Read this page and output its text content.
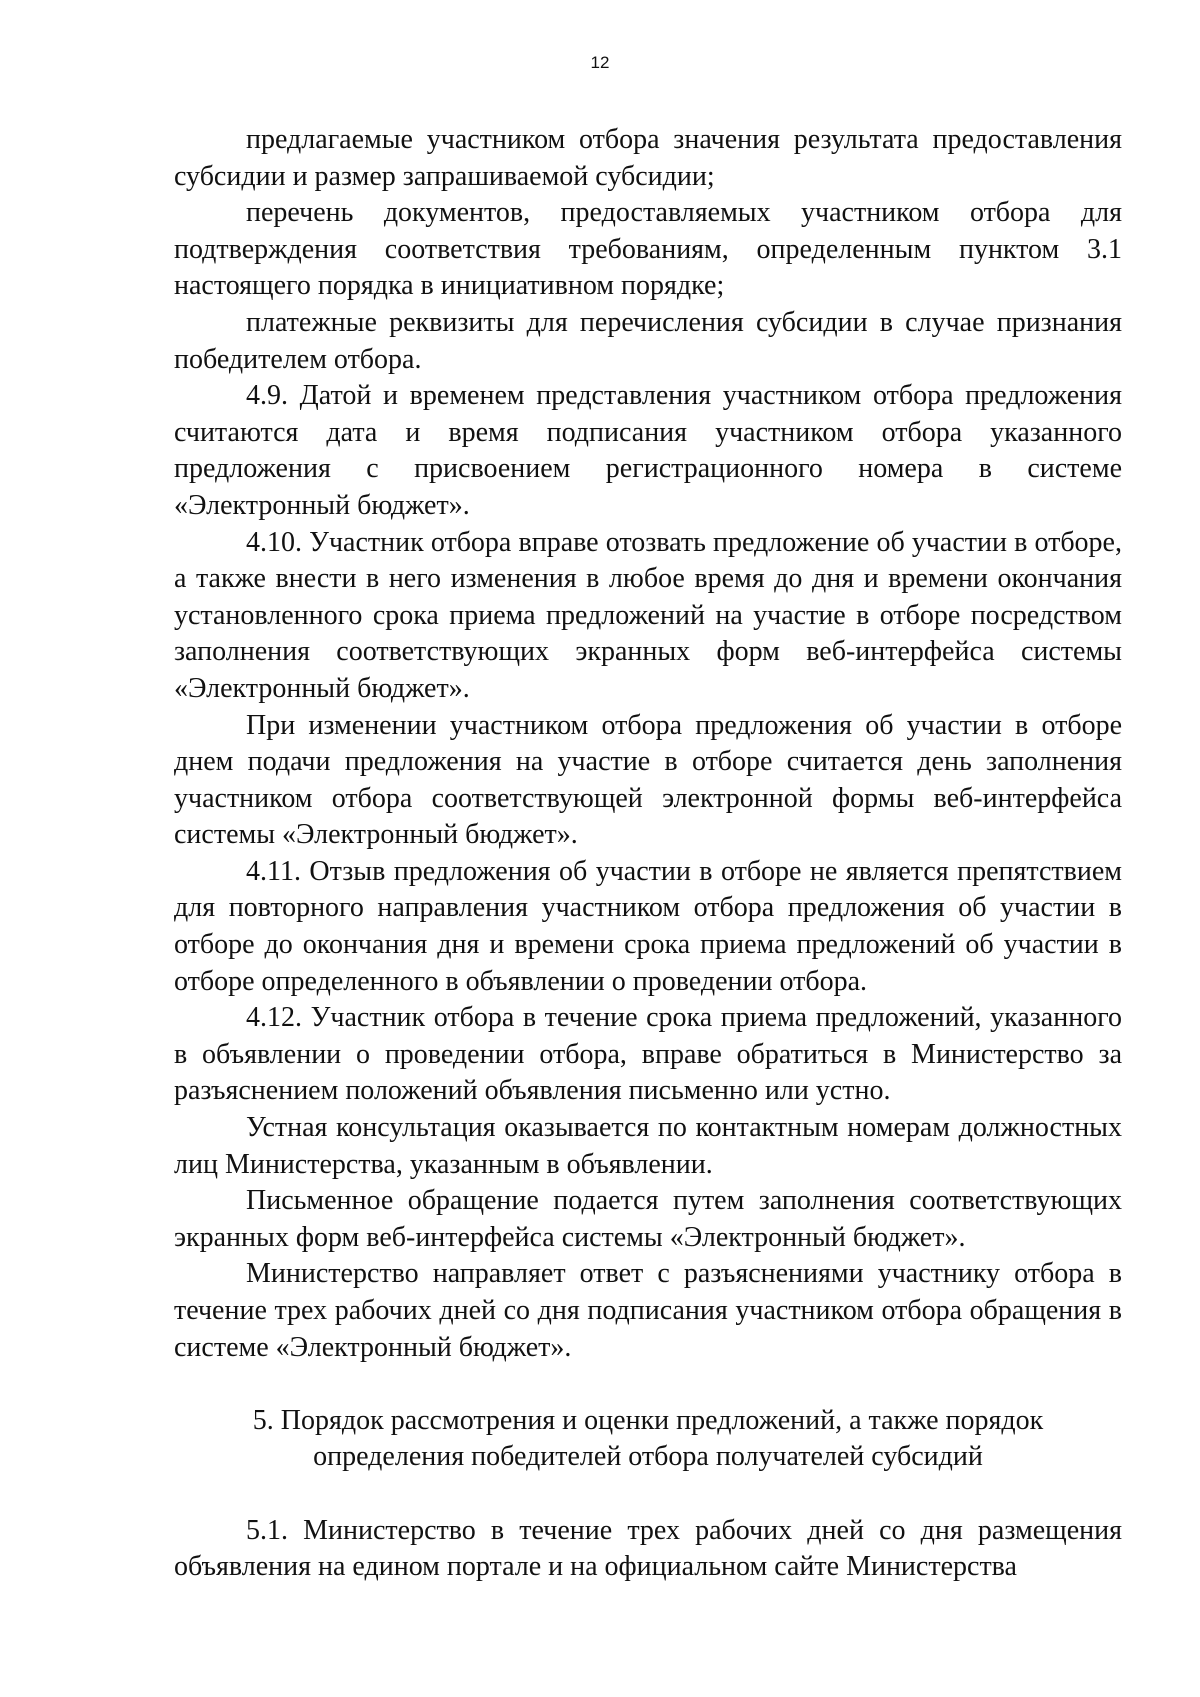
12

предлагаемые участником отбора значения результата предоставления субсидии и размер запрашиваемой субсидии;

перечень документов, предоставляемых участником отбора для подтверждения соответствия требованиям, определенным пунктом 3.1 настоящего порядка в инициативном порядке;

платежные реквизиты для перечисления субсидии в случае признания победителем отбора.

4.9. Датой и временем представления участником отбора предложения считаются дата и время подписания участником отбора указанного предложения с присвоением регистрационного номера в системе «Электронный бюджет».

4.10. Участник отбора вправе отозвать предложение об участии в отборе, а также внести в него изменения в любое время до дня и времени окончания установленного срока приема предложений на участие в отборе посредством заполнения соответствующих экранных форм веб-интерфейса системы «Электронный бюджет».

При изменении участником отбора предложения об участии в отборе днем подачи предложения на участие в отборе считается день заполнения участником отбора соответствующей электронной формы веб-интерфейса системы «Электронный бюджет».

4.11. Отзыв предложения об участии в отборе не является препятствием для повторного направления участником отбора предложения об участии в отборе до окончания дня и времени срока приема предложений об участии в отборе определенного в объявлении о проведении отбора.

4.12. Участник отбора в течение срока приема предложений, указанного в объявлении о проведении отбора, вправе обратиться в Министерство за разъяснением положений объявления письменно или устно.

Устная консультация оказывается по контактным номерам должностных лиц Министерства, указанным в объявлении.

Письменное обращение подается путем заполнения соответствующих экранных форм веб-интерфейса системы «Электронный бюджет».

Министерство направляет ответ с разъяснениями участнику отбора в течение трех рабочих дней со дня подписания участником отбора обращения в системе «Электронный бюджет».

5. Порядок рассмотрения и оценки предложений, а также порядок
определения победителей отбора получателей субсидий

5.1. Министерство в течение трех рабочих дней со дня размещения объявления на едином портале и на официальном сайте Министерства
